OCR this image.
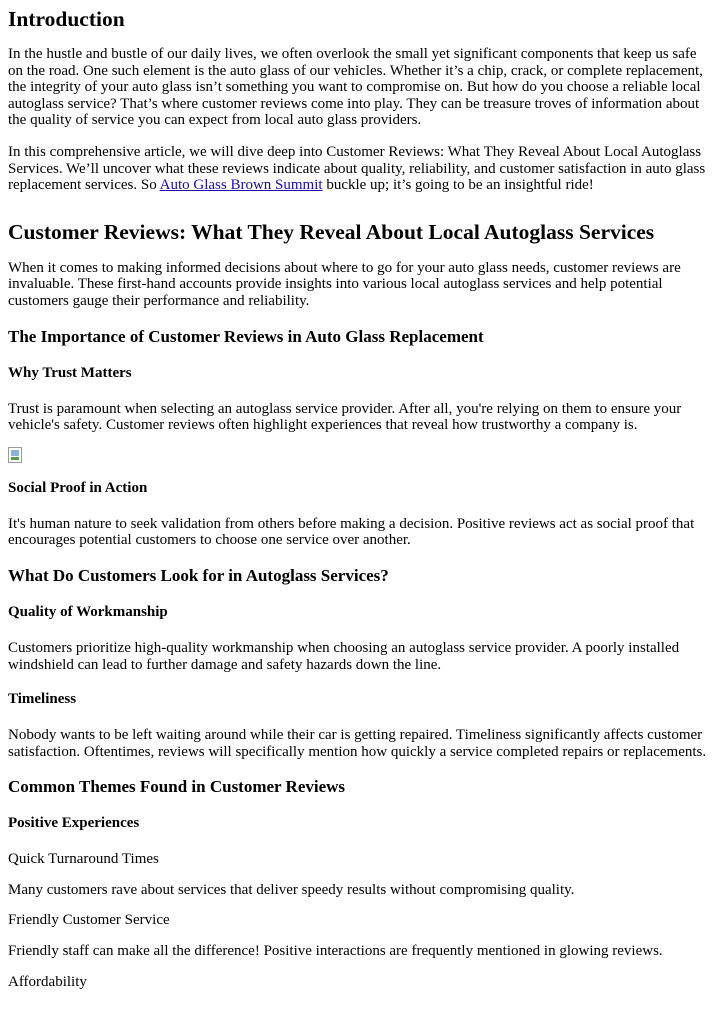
Introduction

In the hustle and bustle of our daily lives, we often overlook the small yet significant components that keep us safe on the road. One such element is the auto glass of our vehicles. Whether it’s a chip, crack, or complete replacement, the integrity of your auto glass isn’t something you want to compromise on. But how do you choose a reliable local autoglass service? That’s where customer reviews come into play. They can be treasure troves of information about the quality of service you can expect from local auto glass providers.

In this comprehensive article, we will dive deep into Customer Reviews: What They Reveal About Local Autoglass Services. We’ll uncover what these reviews indicate about quality, reliability, and customer satisfaction in auto glass replacement services. So Auto Glass Brown Summit buckle up; it’s going to be an insightful ride!

Customer Reviews: What They Reveal About Local Autoglass Services

When it comes to making informed decisions about where to go for your auto glass needs, customer reviews are invaluable. These first-hand accounts provide insights into various local autoglass services and help potential customers gauge their performance and reliability.

The Importance of Customer Reviews in Auto Glass Replacement
Why Trust Matters

Trust is paramount when selecting an autoglass service provider. After all, you're relying on them to ensure your vehicle's safety. Customer reviews often highlight experiences that reveal how trustworthy a company is.

Social Proof in Action

It's human nature to seek validation from others before making a decision. Positive reviews act as social proof that encourages potential customers to choose one service over another.

What Do Customers Look for in Autoglass Services?
Quality of Workmanship

Customers prioritize high-quality workmanship when choosing an autoglass service provider. A poorly installed windshield can lead to further damage and safety hazards down the line.

Timeliness

Nobody wants to be left waiting around while their car is getting repaired. Timeliness significantly affects customer satisfaction. Oftentimes, reviews will specifically mention how quickly a service completed repairs or replacements.

Common Themes Found in Customer Reviews
Positive Experiences

Quick Turnaround Times

Many customers rave about services that deliver speedy results without compromising quality.

Friendly Customer Service

Friendly staff can make all the difference! Positive interactions are frequently mentioned in glowing reviews.

Affordability
